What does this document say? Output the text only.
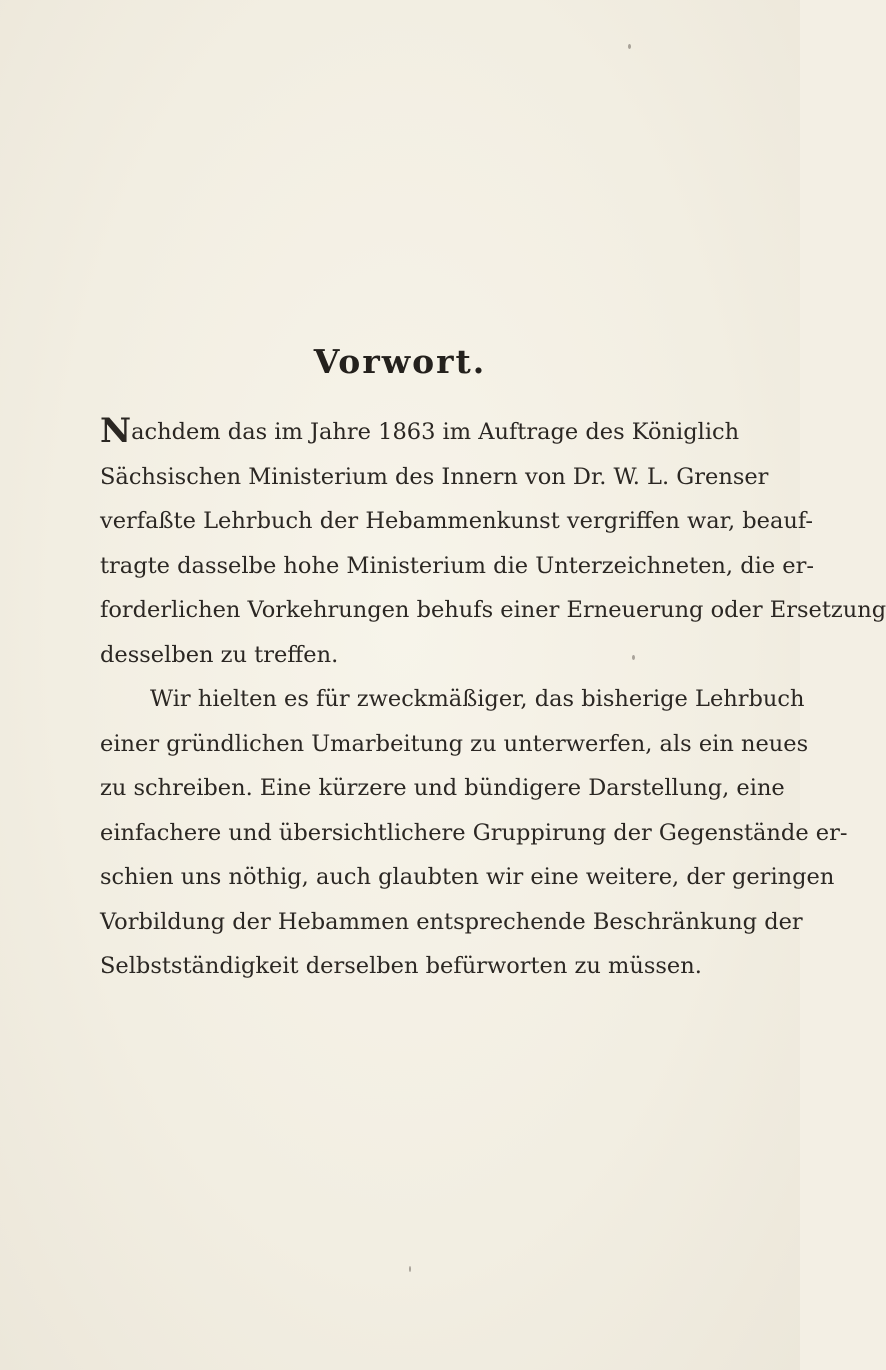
Vorwort.
Nachdem das im Jahre 1863 im Auftrage des Königlich
Sächsischen Ministerium des Innern von Dr. W. L. Grenser
verfaßte Lehrbuch der Hebammenkunst vergriffen war, beauf-
tragte dasselbe hohe Ministerium die Unterzeichneten, die er-
forderlichen Vorkehrungen behufs einer Erneuerung oder Ersetzung
desselben zu treffen.
Wir hielten es für zweckmäßiger, das bisherige Lehrbuch
einer gründlichen Umarbeitung zu unterwerfen, als ein neues
zu schreiben. Eine kürzere und bündigere Darstellung, eine
einfachere und übersichtlichere Gruppirung der Gegenstände er-
schien uns nöthig, auch glaubten wir eine weitere, der geringen
Vorbildung der Hebammen entsprechende Beschränkung der
Selbstständigkeit derselben befürworten zu müssen.
